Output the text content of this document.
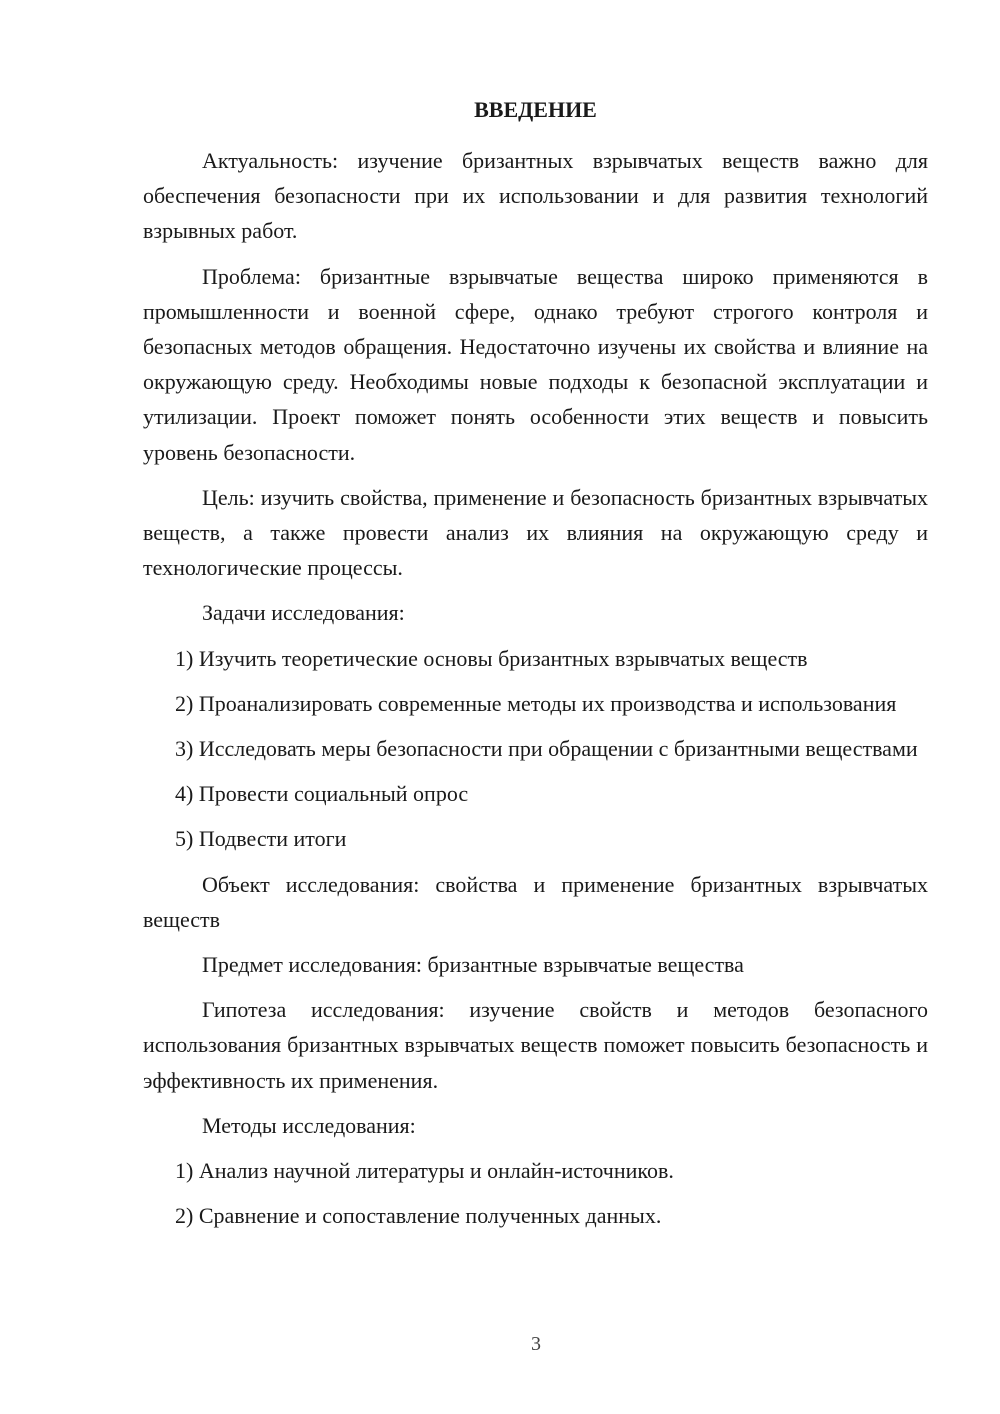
ВВЕДЕНИЕ

Актуальность: изучение бризантных взрывчатых веществ важно для обеспечения безопасности при их использовании и для развития технологий взрывных работ.

Проблема: бризантные взрывчатые вещества широко применяются в промышленности и военной сфере, однако требуют строгого контроля и безопасных методов обращения. Недостаточно изучены их свойства и влияние на окружающую среду. Необходимы новые подходы к безопасной эксплуатации и утилизации. Проект поможет понять особенности этих веществ и повысить уровень безопасности.

Цель: изучить свойства, применение и безопасность бризантных взрывчатых веществ, а также провести анализ их влияния на окружающую среду и технологические процессы.

Задачи исследования:

1) Изучить теоретические основы бризантных взрывчатых веществ

2) Проанализировать современные методы их производства и использования

3) Исследовать меры безопасности при обращении с бризантными веществами

4) Провести социальный опрос

5) Подвести итоги

Объект исследования: свойства и применение бризантных взрывчатых веществ

Предмет исследования: бризантные взрывчатые вещества

Гипотеза исследования: изучение свойств и методов безопасного использования бризантных взрывчатых веществ поможет повысить безопасность и эффективность их применения.

Методы исследования:

1) Анализ научной литературы и онлайн-источников.

2) Сравнение и сопоставление полученных данных.

3
